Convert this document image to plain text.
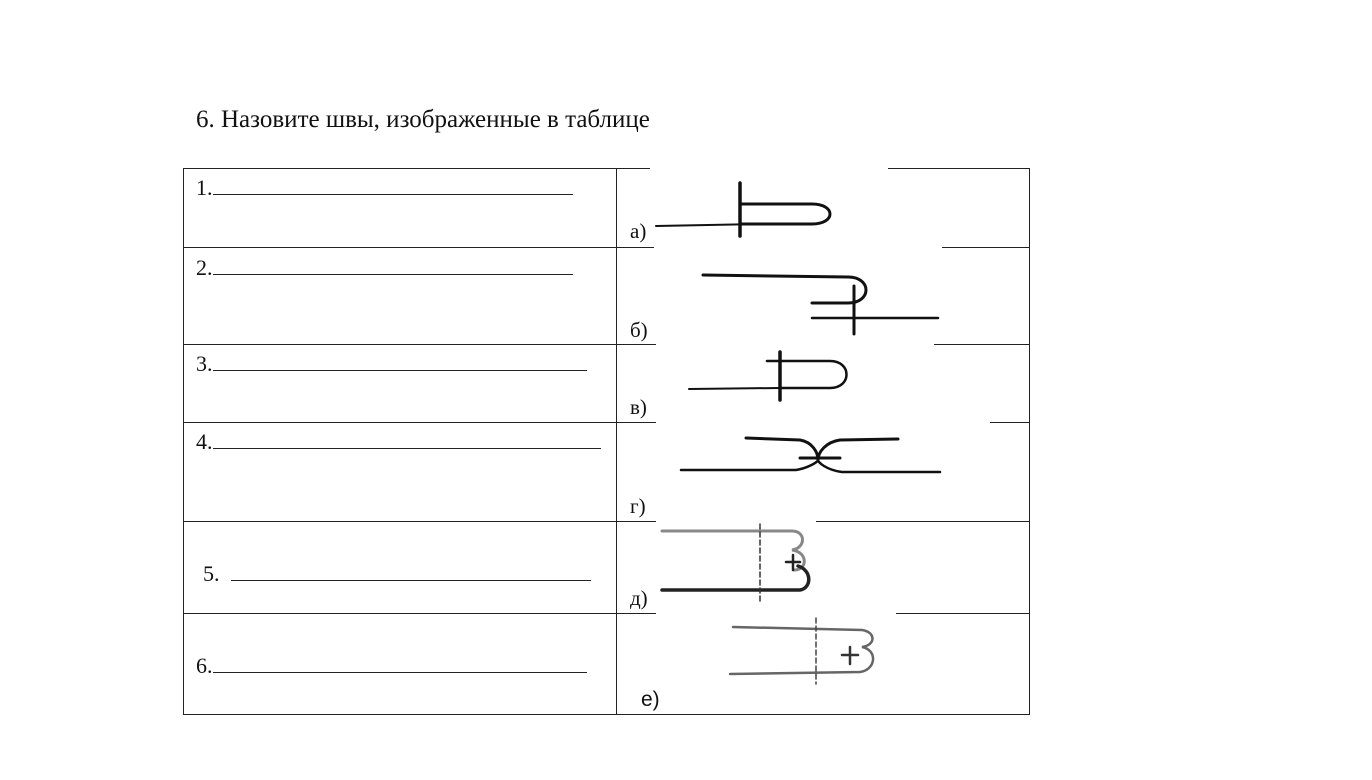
6. Назовите швы, изображенные в таблице
1.
2.
3.
4.
5.
6.
а)
б)
в)
г)
д)
е)
